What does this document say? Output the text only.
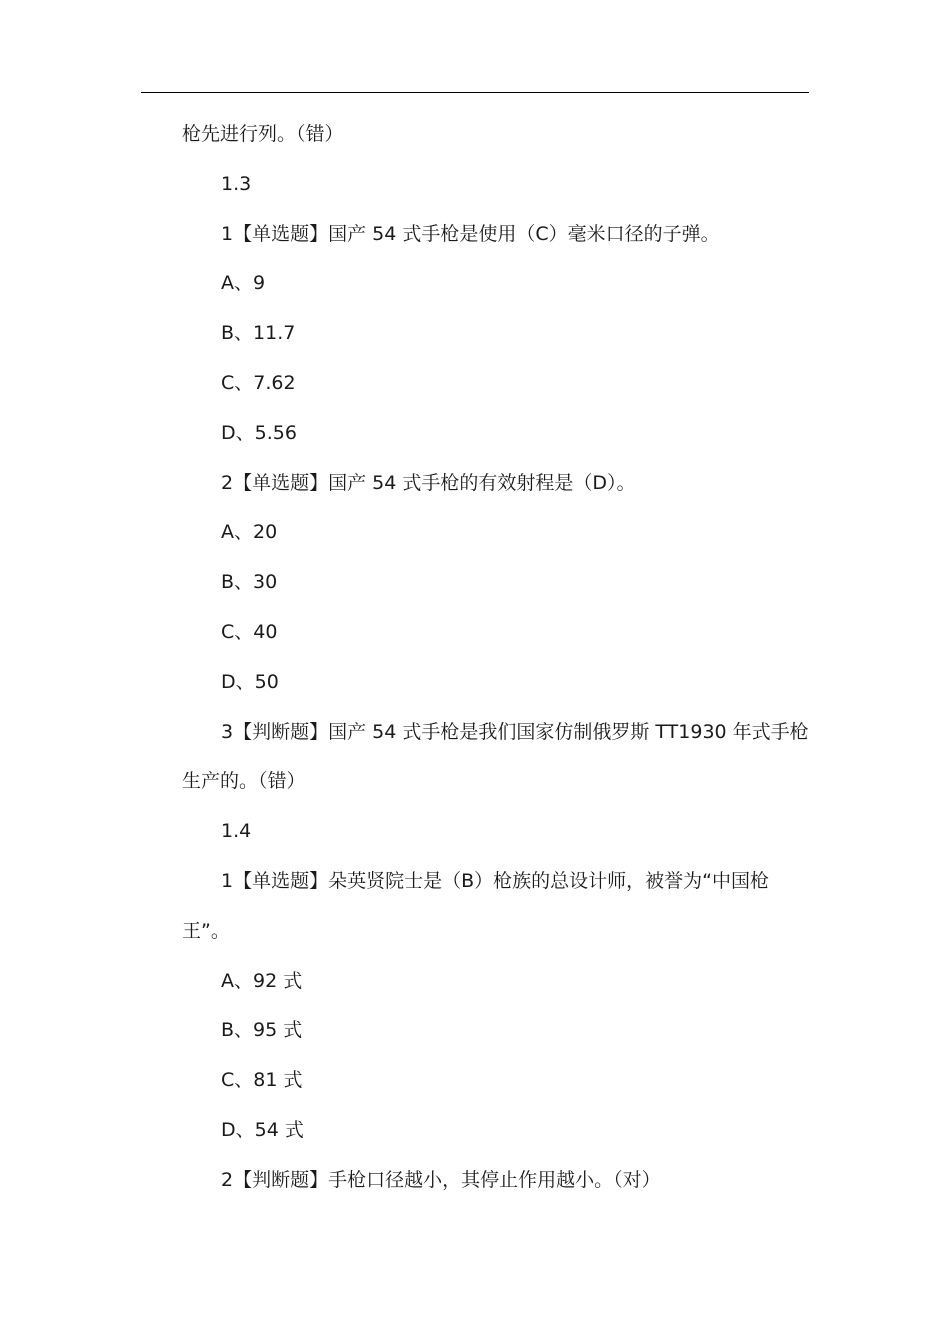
枪先进行列。（错）
1.3
1【单选题】国产 54 式手枪是使用（C）毫米口径的子弹。
A、9
B、11.7
C、7.62
D、5.56
2【单选题】国产 54 式手枪的有效射程是（D）。
A、20
B、30
C、40
D、50
3【判断题】国产 54 式手枪是我们国家仿制俄罗斯 TT1930 年式手枪
生产的。（错）
1.4
1【单选题】朵英贤院士是（B）枪族的总设计师，被誉为“中国枪
王”。
A、92 式
B、95 式
C、81 式
D、54 式
2【判断题】手枪口径越小，其停止作用越小。（对）
